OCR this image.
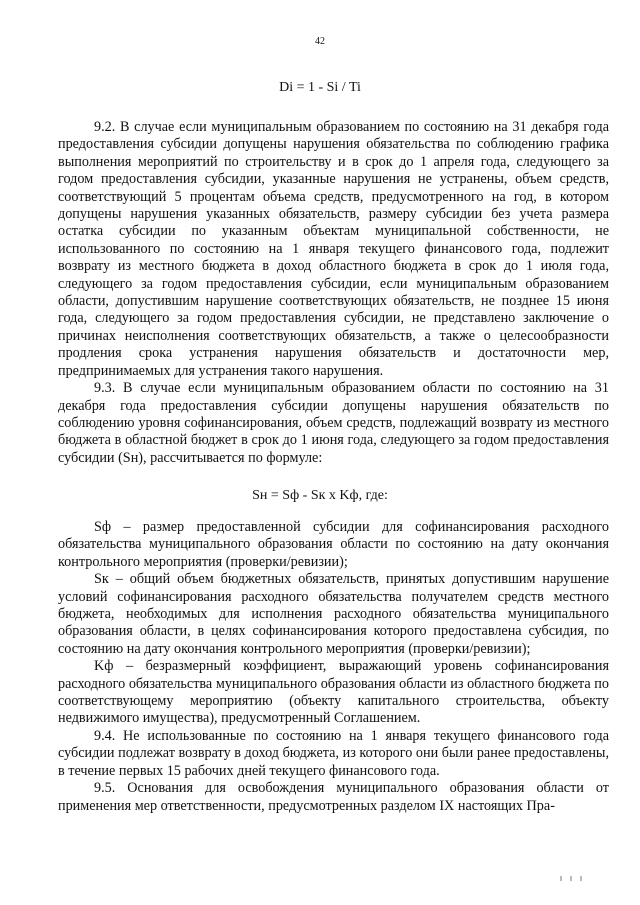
42
Di = 1 - Si / Ti

9.2. В случае если муниципальным образованием по состоянию на 31 декабря года предоставления субсидии допущены нарушения обязательства по соблюдению графика выполнения мероприятий по строительству и в срок до 1 апреля года, следующего за годом предоставления субсидии, указанные нарушения не устранены, объем средств, соответствующий 5 процентам объема средств, предусмотренного на год, в котором допущены нарушения указанных обязательств, размеру субсидии без учета размера остатка субсидии по указанным объектам муниципальной собственности, не использованного по состоянию на 1 января текущего финансового года, подлежит возврату из местного бюджета в доход областного бюджета в срок до 1 июля года, следующего за годом предоставления субсидии, если муниципальным образованием области, допустившим нарушение соответствующих обязательств, не позднее 15 июня года, следующего за годом предоставления субсидии, не представлено заключение о причинах неисполнения соответствующих обязательств, а также о целесообразности продления срока устранения нарушения обязательств и достаточности мер, предпринимаемых для устранения такого нарушения.

9.3. В случае если муниципальным образованием области по состоянию на 31 декабря года предоставления субсидии допущены нарушения обязательств по соблюдению уровня софинансирования, объем средств, подлежащий возврату из местного бюджета в областной бюджет в срок до 1 июня года, следующего за годом предоставления субсидии (Sн), рассчитывается по формуле:

Sн = Sф - Sк x Kф, где:

Sф – размер предоставленной субсидии для софинансирования расходного обязательства муниципального образования области по состоянию на дату окончания контрольного мероприятия (проверки/ревизии);

Sк – общий объем бюджетных обязательств, принятых допустившим нарушение условий софинансирования расходного обязательства получателем средств местного бюджета, необходимых для исполнения расходного обязательства муниципального образования области, в целях софинансирования которого предоставлена субсидия, по состоянию на дату окончания контрольного мероприятия (проверки/ревизии);

Kф – безразмерный коэффициент, выражающий уровень софинансирования расходного обязательства муниципального образования области из областного бюджета по соответствующему мероприятию (объекту капитального строительства, объекту недвижимого имущества), предусмотренный Соглашением.

9.4. Не использованные по состоянию на 1 января текущего финансового года субсидии подлежат возврату в доход бюджета, из которого они были ранее предоставлены, в течение первых 15 рабочих дней текущего финансового года.

9.5. Основания для освобождения муниципального образования области от применения мер ответственности, предусмотренных разделом IX настоящих Пра-
